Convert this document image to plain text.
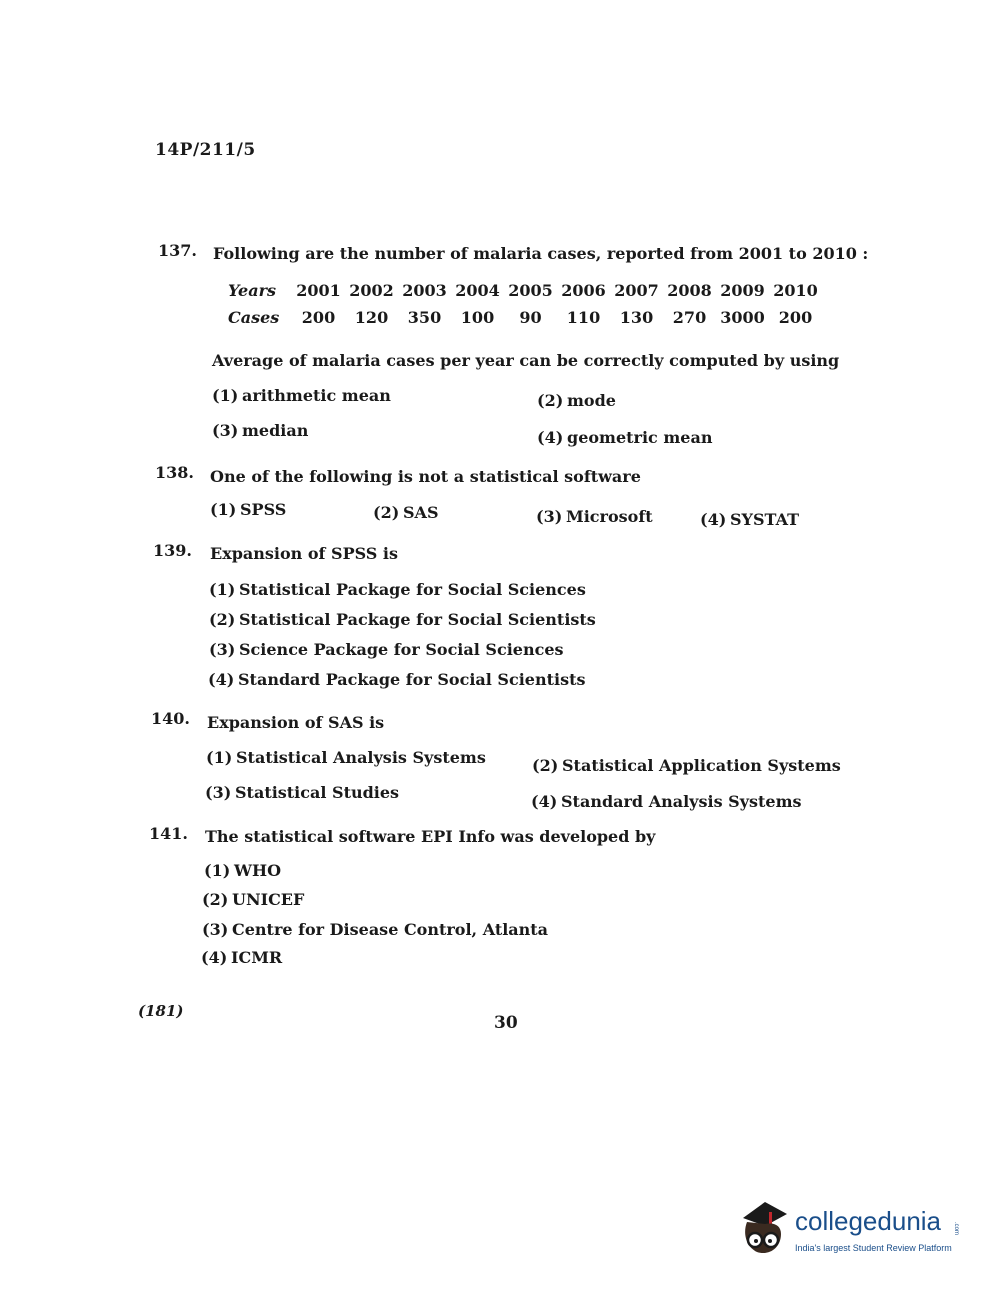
14P/211/5
137. Following are the number of malaria cases, reported from 2001 to 2010 :
Years	2001	2002	2003	2004	2005	2006	2007	2008	2009	2010
Cases	200	120	350	100	90	110	130	270	3000	200
Average of malaria cases per year can be correctly computed by using
(1) arithmetic mean	(2) mode
(3) median	(4) geometric mean
138. One of the following is not a statistical software
(1) SPSS	(2) SAS	(3) Microsoft	(4) SYSTAT
139. Expansion of SPSS is
(1) Statistical Package for Social Sciences
(2) Statistical Package for Social Scientists
(3) Science Package for Social Sciences
(4) Standard Package for Social Scientists
140. Expansion of SAS is
(1) Statistical Analysis Systems	(2) Statistical Application Systems
(3) Statistical Studies	(4) Standard Analysis Systems
141. The statistical software EPI Info was developed by
(1) WHO
(2) UNICEF
(3) Centre for Disease Control, Atlanta
(4) ICMR
(181)
30
collegedunia .com
India's largest Student Review Platform
